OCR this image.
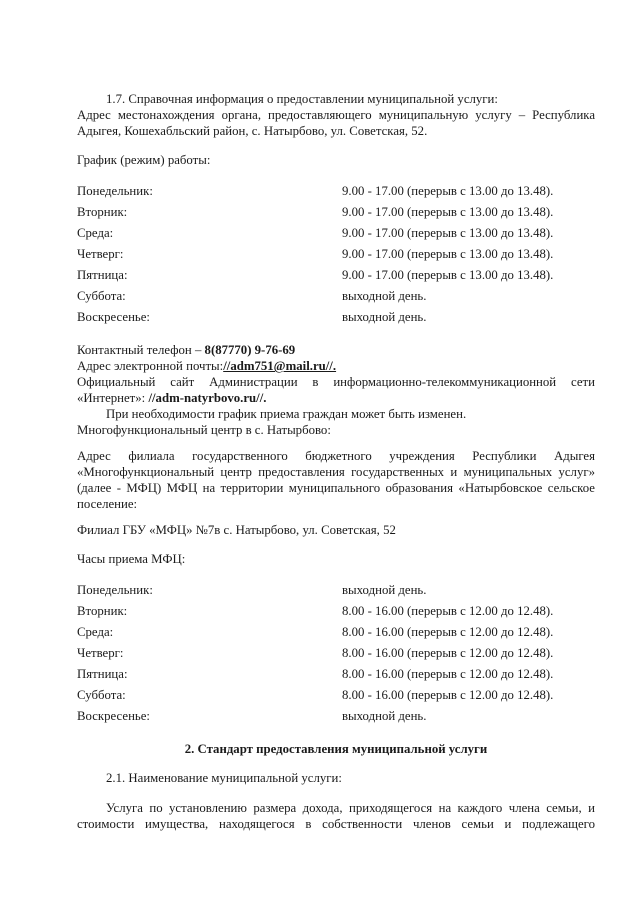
1.7. Справочная информация о предоставлении муниципальной услуги:
Адрес местонахождения органа, предоставляющего муниципальную услугу – Республика
Адыгея, Кошехабльский район, с. Натырбово, ул. Советская, 52.
График (режим) работы:
Понедельник:	9.00 - 17.00 (перерыв с 13.00 до 13.48).
Вторник:	9.00 - 17.00 (перерыв с 13.00 до 13.48).
Среда:	9.00 - 17.00 (перерыв с 13.00 до 13.48).
Четверг:	9.00 - 17.00 (перерыв с 13.00 до 13.48).
Пятница:	9.00 - 17.00 (перерыв с 13.00 до 13.48).
Суббота:	выходной день.
Воскресенье:	выходной день.
Контактный телефон – 8(87770) 9-76-69
Адрес электронной почты://adm751@mail.ru//.
Официальный сайт Администрации в информационно-телекоммуникационной сети
«Интернет»: //adm-natyrbovo.ru//.
При необходимости график приема граждан может быть изменен.
Многофункциональный центр в с. Натырбово:
Адрес филиала государственного бюджетного учреждения Республики Адыгея
«Многофункциональный центр предоставления государственных и муниципальных услуг»
(далее - МФЦ) МФЦ на территории муниципального образования «Натырбовское сельское
поселение:
Филиал ГБУ «МФЦ» №7в с. Натырбово, ул. Советская, 52
Часы приема МФЦ:
Понедельник:	выходной день.
Вторник:	8.00 - 16.00 (перерыв с 12.00 до 12.48).
Среда:	8.00 - 16.00 (перерыв с 12.00 до 12.48).
Четверг:	8.00 - 16.00 (перерыв с 12.00 до 12.48).
Пятница:	8.00 - 16.00 (перерыв с 12.00 до 12.48).
Суббота:	8.00 - 16.00 (перерыв с 12.00 до 12.48).
Воскресенье:	выходной день.
2. Стандарт предоставления муниципальной услуги
2.1. Наименование муниципальной услуги:
Услуга по установлению размера дохода, приходящегося на каждого члена семьи, и
стоимости имущества, находящегося в собственности членов семьи и подлежащего
